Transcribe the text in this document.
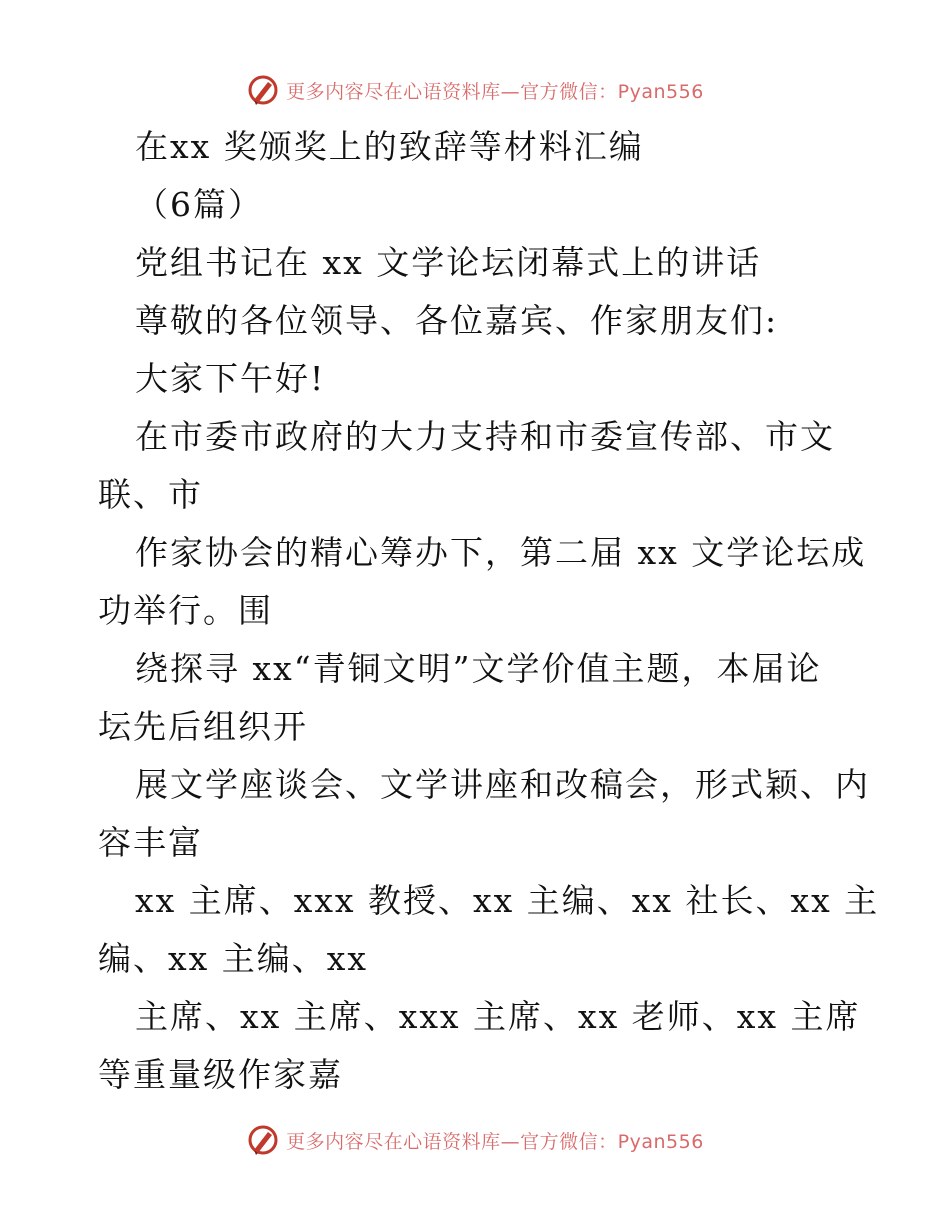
更多内容尽在心语资料库—官方微信：Pyan556
在xx 奖颁奖上的致辞等材料汇编
（6篇）
党组书记在 xx 文学论坛闭幕式上的讲话
尊敬的各位领导、各位嘉宾、作家朋友们:
大家下午好!
在市委市政府的大力支持和市委宣传部、市文
联、市
作家协会的精心筹办下，第二届 xx 文学论坛成
功举行。围
绕探寻 xx“青铜文明”文学价值主题，本届论
坛先后组织开
展文学座谈会、文学讲座和改稿会，形式颖、内
容丰富
xx 主席、xxx 教授、xx 主编、xx 社长、xx 主
编、xx 主编、xx
主席、xx 主席、xxx 主席、xx 老师、xx 主席
等重量级作家嘉
更多内容尽在心语资料库—官方微信：Pyan556
